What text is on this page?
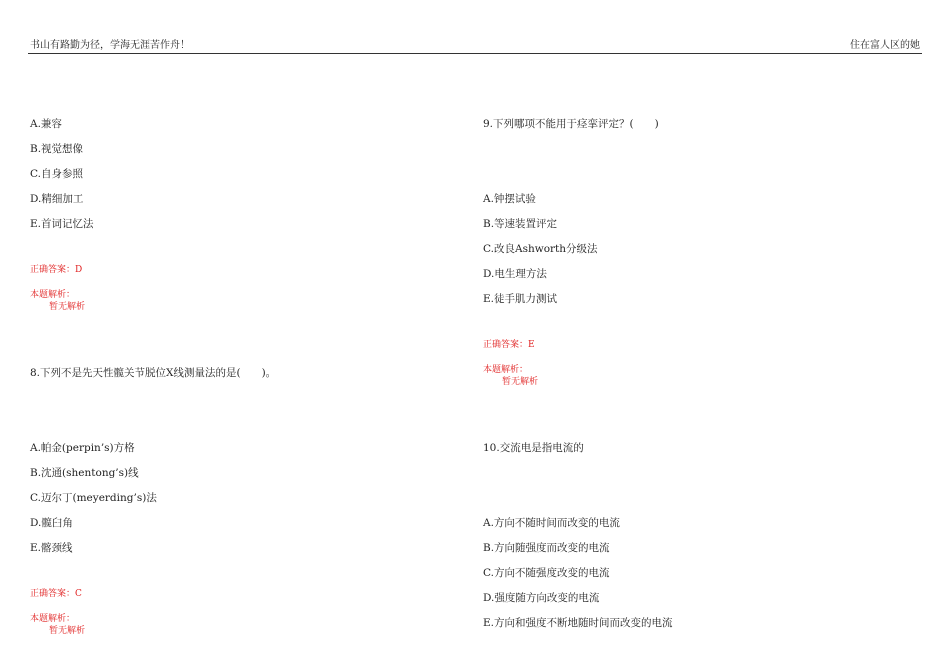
书山有路勤为径，学海无涯苦作舟！	住在富人区的她
A.兼容
B.视觉想像
C.自身参照
D.精细加工
E.首词记忆法
正确答案：D
本题解析：
暂无解析
8.下列不是先天性髋关节脱位X线测量法的是(　　)。
A.帕金(perpin’s)方格
B.沈通(shentong’s)线
C.迈尔丁(meyerding’s)法
D.髋臼角
E.髂颈线
正确答案：C
本题解析：
暂无解析
9.下列哪项不能用于痉挛评定？(　　)
A.钟摆试验
B.等速装置评定
C.改良Ashworth分级法
D.电生理方法
E.徒手肌力测试
正确答案：E
本题解析：
暂无解析
10.交流电是指电流的
A.方向不随时间而改变的电流
B.方向随强度而改变的电流
C.方向不随强度改变的电流
D.强度随方向改变的电流
E.方向和强度不断地随时间而改变的电流
